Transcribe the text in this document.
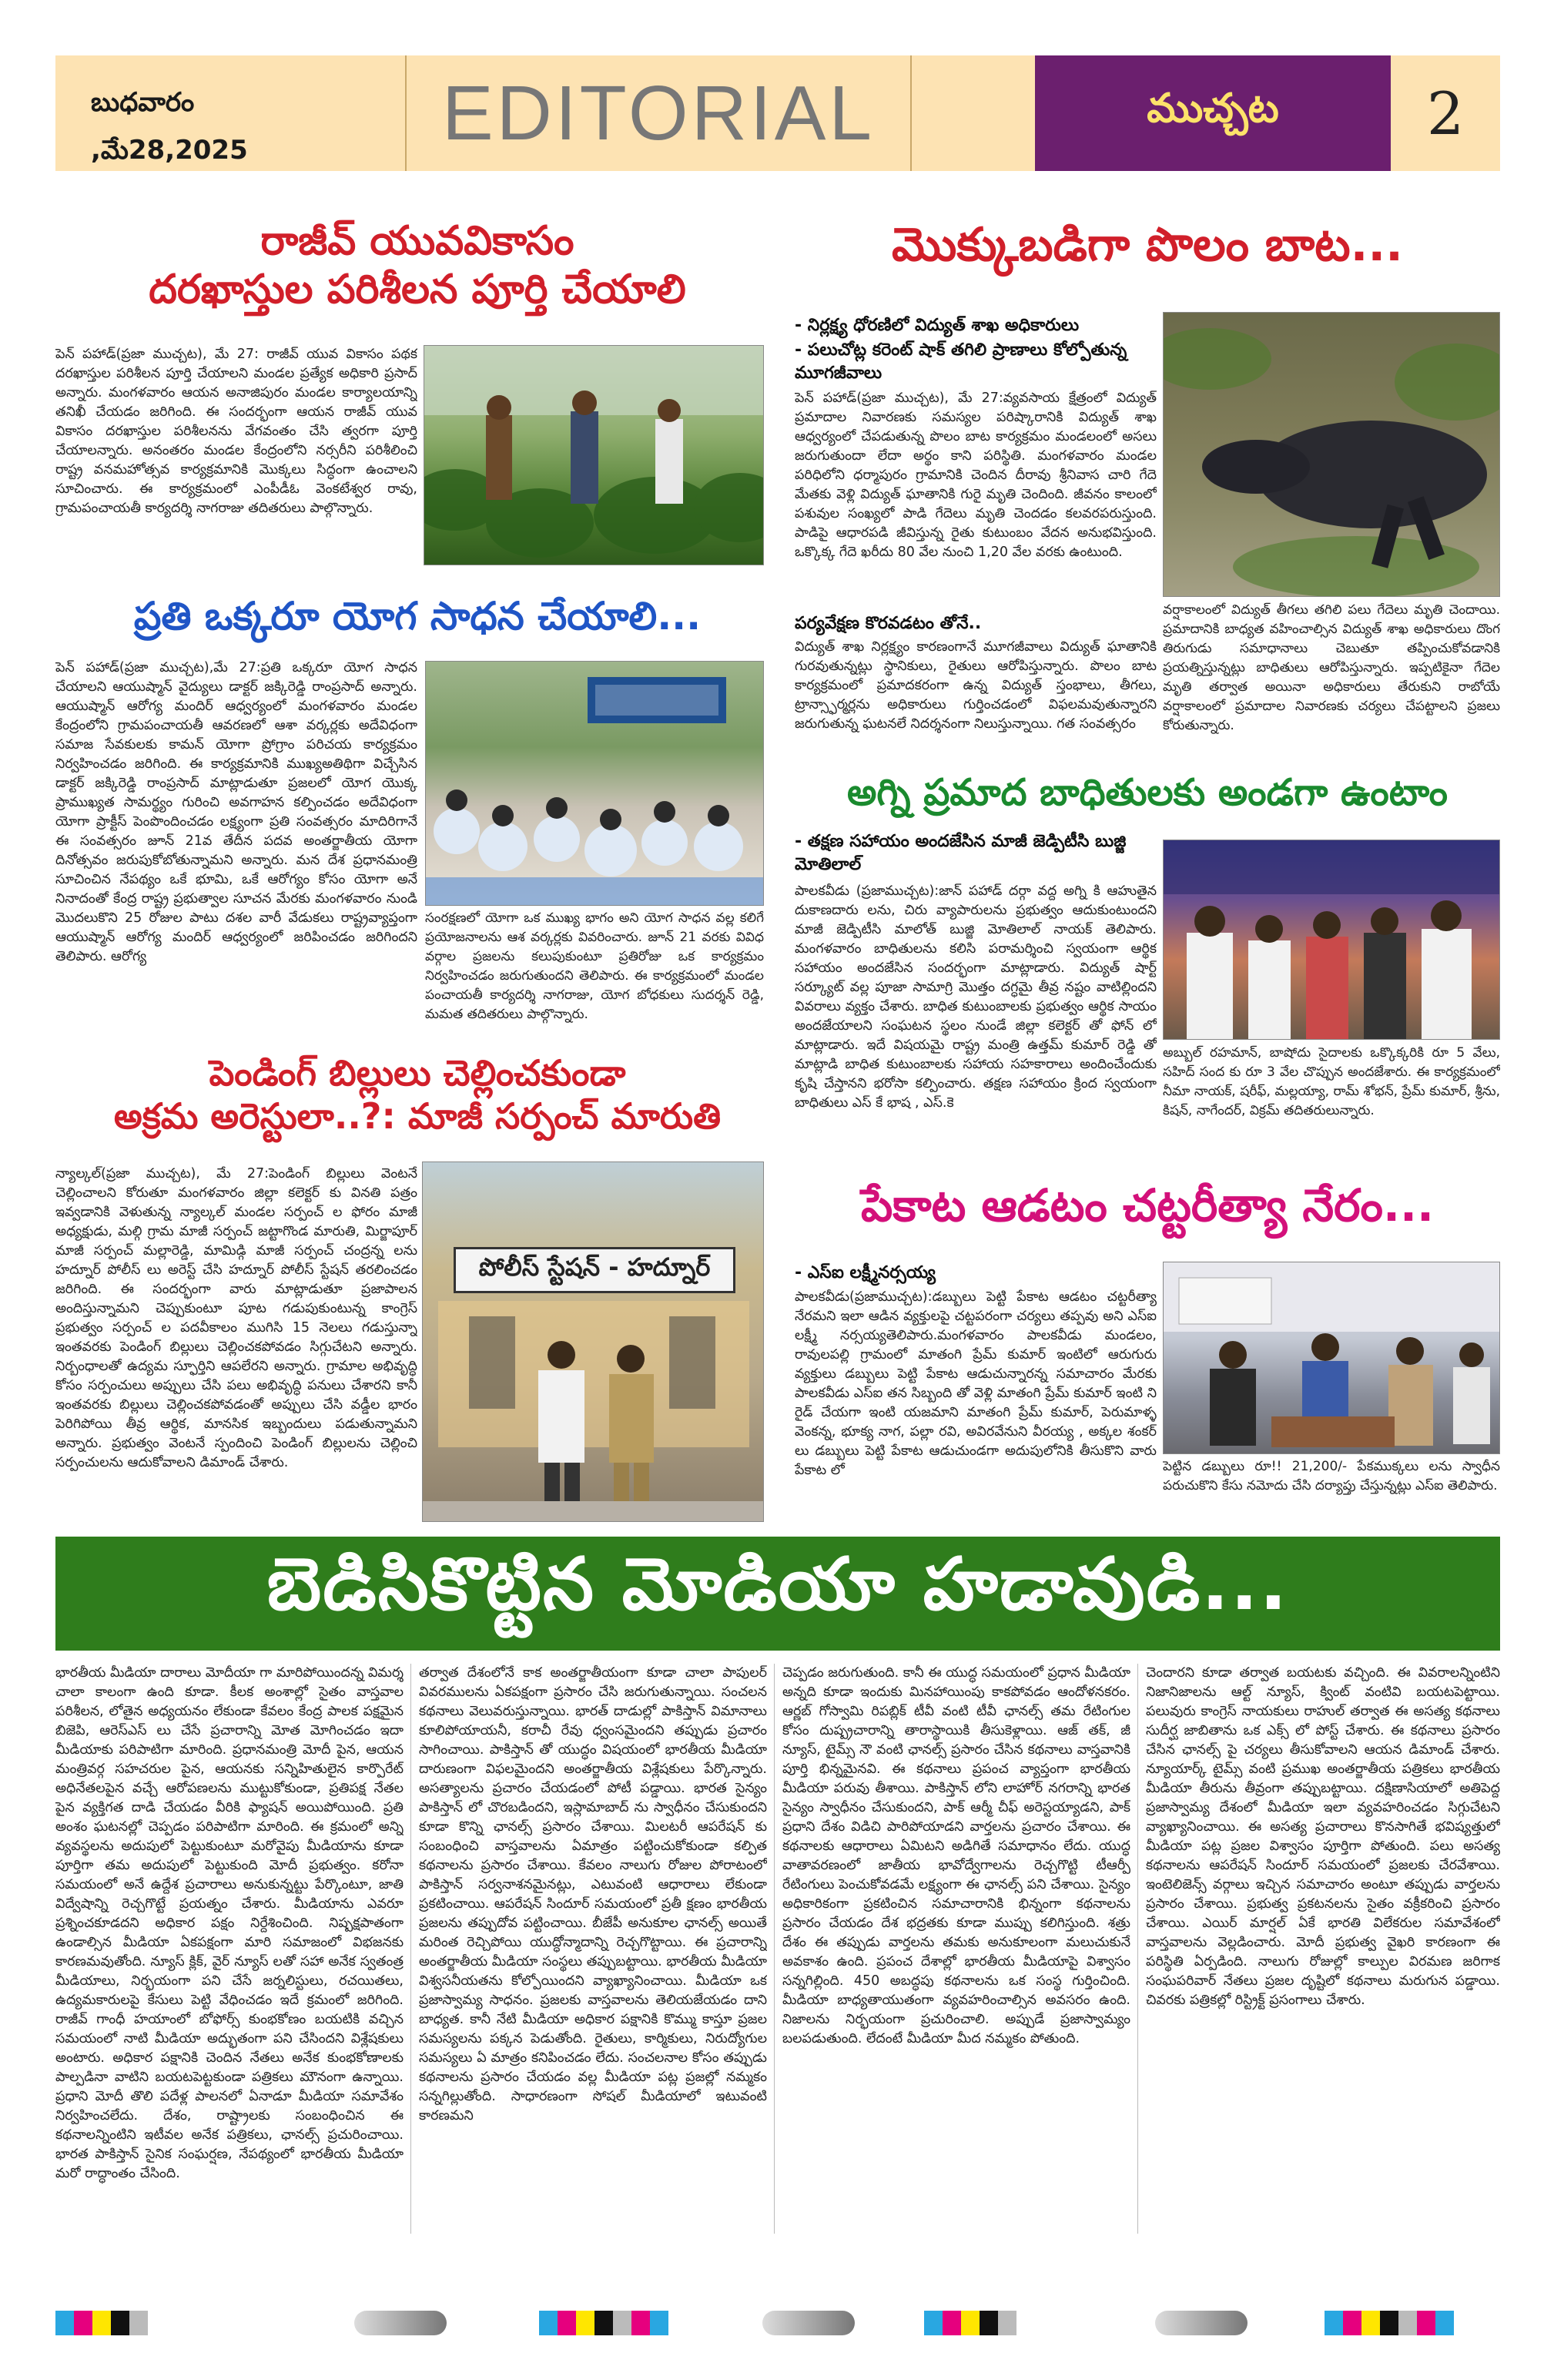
బుధవారం
,మే28,2025	EDITORIAL	ముచ్చట	2
రాజీవ్ యువవికాసం
దరఖాస్తుల పరిశీలన పూర్తి చేయాలి
పెన్ పహాడ్(ప్రజా ముచ్చట), మే 27: రాజీవ్ యువ వికాసం పథక దరఖాస్తుల పరిశీలన పూర్తి చేయాలని మండల ప్రత్యేక అధికారి ప్రసాద్ అన్నారు. మంగళవారం ఆయన అనాజిపురం మండల కార్యాలయాన్ని తనిఖీ చేయడం జరిగింది. ఈ సందర్భంగా ఆయన రాజీవ్ యువ వికాసం దరఖాస్తుల పరిశీలనను వేగవంతం చేసి త్వరగా పూర్తి చేయాలన్నారు. అనంతరం మండల కేంద్రంలోని నర్సరీని పరిశీలించి రాష్ట్ర వనమహోత్సవ కార్యక్రమానికి మొక్కలు సిద్ధంగా ఉంచాలని సూచించారు. ఈ కార్యక్రమంలో ఎంపీడీఓ వెంకటేశ్వర రావు, గ్రామపంచాయతీ కార్యదర్శి నాగరాజు తదితరులు పాల్గొన్నారు.
ప్రతి ఒక్కరూ యోగ సాధన చేయాలి...
పెన్ పహాడ్(ప్రజా ముచ్చట),మే 27:ప్రతి ఒక్కరూ యోగ సాధన చేయాలని ఆయుష్మాన్ వైద్యులు డాక్టర్ జక్కిరెడ్డి రాంప్రసాద్ అన్నారు. ఆయుష్మాన్ ఆరోగ్య మందిర్ ఆధ్వర్యంలో మంగళవారం మండల కేంద్రంలోని గ్రామపంచాయతీ ఆవరణలో ఆశా వర్కర్లకు అదేవిధంగా సమాజ సేవకులకు కామన్ యోగా ప్రోగ్రాం పరిచయ కార్యక్రమం నిర్వహించడం జరిగింది. ఈ కార్యక్రమానికి ముఖ్యఅతిథిగా విచ్చేసిన డాక్టర్ జక్కిరెడ్డి రాంప్రసాద్ మాట్లాడుతూ ప్రజలలో యోగ యొక్క ప్రాముఖ్యత సామర్థ్యం గురించి అవగాహన కల్పించడం అదేవిధంగా యోగా ప్రాక్టీస్ పెంపొందించడం లక్ష్యంగా ప్రతి సంవత్సరం మాదిరిగానే ఈ సంవత్సరం జూన్ 21వ తేదీన పదవ అంతర్జాతీయ యోగా దినోత్సవం జరుపుకోబోతున్నామని అన్నారు. మన దేశ ప్రధానమంత్రి సూచించిన నేపథ్యం ఒకే భూమి, ఒకే ఆరోగ్యం కోసం యోగా అనే నినాదంతో కేంద్ర రాష్ట్ర ప్రభుత్వాల సూచన మేరకు మంగళవారం నుండి మొదలుకొని 25 రోజుల పాటు దశల వారీ వేడుకలు రాష్ట్రవ్యాప్తంగా ఆయుష్మాన్ ఆరోగ్య మందిర్ ఆధ్వర్యంలో జరిపించడం జరిగిందని తెలిపారు. ఆరోగ్య
సంరక్షణలో యోగా ఒక ముఖ్య భాగం అని యోగ సాధన వల్ల కలిగే ప్రయోజనాలను ఆశ వర్కర్లకు వివరించారు. జూన్ 21 వరకు వివిధ వర్గాల ప్రజలను కలుపుకుంటూ ప్రతిరోజు ఒక కార్యక్రమం నిర్వహించడం జరుగుతుందని తెలిపారు. ఈ కార్యక్రమంలో మండల పంచాయతీ కార్యదర్శి నాగరాజు, యోగ బోధకులు సుదర్శన్ రెడ్డి, మమత తదితరులు పాల్గొన్నారు.
పెండింగ్ బిల్లులు చెల్లించకుండా
అక్రమ అరెస్టులా..?: మాజీ సర్పంచ్ మారుతి
న్యాల్కల్(ప్రజా ముచ్చట), మే 27:పెండింగ్ బిల్లులు వెంటనే చెల్లించాలని కోరుతూ మంగళవారం జిల్లా కలెక్టర్ కు వినతి పత్రం ఇవ్వడానికి వెళుతున్న న్యాల్కల్ మండల సర్పంచ్ ల ఫోరం మాజీ అధ్యక్షుడు, మల్గి గ్రామ మాజీ సర్పంచ్ జట్టాగొండ మారుతి, మిర్జాపూర్ మాజీ సర్పంచ్ మల్లారెడ్డి, మామిడ్గి మాజీ సర్పంచ్ చంద్రన్న లను హద్నూర్ పోలీస్ లు అరెస్ట్ చేసి హద్నూర్ పోలీస్ స్టేషన్ తరలించడం జరిగింది. ఈ సందర్భంగా వారు మాట్లాడుతూ ప్రజాపాలన అందిస్తున్నామని చెప్పుకుంటూ పూట గడుపుకుంటున్న కాంగ్రెస్ ప్రభుత్వం సర్పంచ్ ల పదవీకాలం ముగిసి 15 నెలలు గడుస్తున్నా ఇంతవరకు పెండింగ్ బిల్లులు చెల్లించకపోవడం సిగ్గుచేటని అన్నారు. నిర్బంధాలతో ఉద్యమ స్ఫూర్తిని ఆపలేరని అన్నారు. గ్రామాల అభివృద్ధి కోసం సర్పంచులు అప్పులు చేసి పలు అభివృద్ధి పనులు చేశారని కానీ ఇంతవరకు బిల్లులు చెల్లించకపోవడంతో అప్పులు చేసి వడ్డీల భారం పెరిగిపోయి తీవ్ర ఆర్థిక, మానసిక ఇబ్బందులు పడుతున్నామని అన్నారు. ప్రభుత్వం వెంటనే స్పందించి పెండింగ్ బిల్లులను చెల్లించి సర్పంచులను ఆదుకోవాలని డిమాండ్ చేశారు.
పోలీస్ స్టేషన్ - హద్నూర్
మొక్కుబడిగా పొలం బాట...
- నిర్లక్ష్య ధోరణిలో విద్యుత్ శాఖ అధికారులు
- పలుచోట్ల కరెంట్ షాక్ తగిలి ప్రాణాలు కోల్పోతున్న మూగజీవాలు
పెన్ పహాడ్(ప్రజా ముచ్చట), మే 27:వ్యవసాయ క్షేత్రంలో విద్యుత్ ప్రమాదాల నివారణకు సమస్యల పరిష్కారానికి విద్యుత్ శాఖ ఆధ్వర్యంలో చేపడుతున్న పొలం బాట కార్యక్రమం మండలంలో అసలు జరుగుతుందా లేదా అర్థం కాని పరిస్థితి. మంగళవారం మండల పరిధిలోని ధర్మాపురం గ్రామానికి చెందిన దీరావు శ్రీనివాస చారి గేదె మేతకు వెళ్లి విద్యుత్ ఘాతానికి గురై మృతి చెందింది. జీవనం కాలంలో పశువుల సంఖ్యలో పాడి గేదెలు మృతి చెందడం కలవరపరుస్తుంది. పాడిపై ఆధారపడి జీవిస్తున్న రైతు కుటుంబం వేదన అనుభవిస్తుంది. ఒక్కొక్క గేదె ఖరీదు 80 వేల నుంచి 1,20 వేల వరకు ఉంటుంది.
పర్యవేక్షణ కొరవడటం తోనే..
విద్యుత్ శాఖ నిర్లక్ష్యం కారణంగానే మూగజీవాలు విద్యుత్ ఘాతానికి గురవుతున్నట్లు స్థానికులు, రైతులు ఆరోపిస్తున్నారు. పొలం బాట కార్యక్రమంలో ప్రమాదకరంగా ఉన్న విద్యుత్ స్తంభాలు, తీగలు, ట్రాన్స్ఫార్మర్లను అధికారులు గుర్తించడంలో విఫలమవుతున్నారని జరుగుతున్న ఘటనలే నిదర్శనంగా నిలుస్తున్నాయి. గత సంవత్సరం
వర్షాకాలంలో విద్యుత్ తీగలు తగిలి పలు గేదెలు మృతి చెందాయి. ప్రమాదానికి బాధ్యత వహించాల్సిన విద్యుత్ శాఖ అధికారులు దొంగ తిరుగుడు సమాధానాలు చెబుతూ తప్పించుకోవడానికి ప్రయత్నిస్తున్నట్లు బాధితులు ఆరోపిస్తున్నారు. ఇప్పటికైనా గేదెల మృతి తర్వాత అయినా అధికారులు తేరుకుని రాబోయే వర్షాకాలంలో ప్రమాదాల నివారణకు చర్యలు చేపట్టాలని ప్రజలు కోరుతున్నారు.
అగ్ని ప్రమాద బాధితులకు అండగా ఉంటాం
- తక్షణ సహాయం అందజేసిన మాజీ జెడ్పిటీసి బుజ్జి మోతిలాల్
పాలకవీడు (ప్రజాముచ్చట):జాన్ పహాడ్ దర్గా వద్ద అగ్ని కి ఆహుతైన దుకాణదారు లను, చిరు వ్యాపారులను ప్రభుత్వం ఆదుకుంటుందని మాజీ జెడ్పిటీసి మాలోత్ బుజ్జి మోతిలాల్ నాయక్ తెలిపారు. మంగళవారం బాధితులను కలిసి పరామర్శించి స్వయంగా ఆర్థిక సహాయం అందజేసిన సందర్భంగా మాట్లాడారు. విద్యుత్ షార్ట్ సర్క్యూట్ వల్ల పూజా సామాగ్రి మొత్తం దగ్ధమై తీవ్ర నష్టం వాటిల్లిందని వివరాలు వ్యక్తం చేశారు. బాధిత కుటుంబాలకు ప్రభుత్వం ఆర్థిక సాయం అందజేయాలని సంఘటన స్థలం నుండే జిల్లా కలెక్టర్ తో ఫోన్ లో మాట్లాడారు. ఇదే విషయమై రాష్ట్ర మంత్రి ఉత్తమ్ కుమార్ రెడ్డి తో మాట్లాడి బాధిత కుటుంబాలకు సహాయ సహకారాలు అందించేందుకు కృషి చేస్తానని భరోసా కల్పించారు. తక్షణ సహాయం క్రింద స్వయంగా బాధితులు ఎస్ కే భాష , ఎస్.కె
అబ్బుల్ రహమాన్, బాషోదు సైదాలకు ఒక్కొక్కరికి రూ 5 వేలు, సహిద్ సంద కు రూ 3 వేల చొప్పున అందజేశారు. ఈ కార్యక్రమంలో నీమా నాయక్, షరీఫ్, మల్లయ్యా, రామ్ శోభన్, ప్రేమ్ కుమార్, శ్రీను, కిషన్, నాగేందర్, విక్రమ్ తదితరులున్నారు.
పేకాట ఆడటం చట్టరీత్యా నేరం...
- ఎస్ఐ లక్ష్మీనర్సయ్య
పాలకవీడు(ప్రజాముచ్చట):డబ్బులు పెట్టి పేకాట ఆడటం చట్టరీత్యా నేరమని ఇలా ఆడిన వ్యక్తులపై చట్టపరంగా చర్యలు తప్పవు అని ఎస్ఐ లక్ష్మీ నర్సయ్యతెలిపారు.మంగళవారం పాలకవీడు మండలం, రావులపల్లి గ్రామంలో మాతంగి ప్రేమ్ కుమార్ ఇంటిలో ఆరుగురు వ్యక్తులు డబ్బులు పెట్టి పేకాట ఆడుచున్నారన్న సమాచారం మేరకు పాలకవీడు ఎస్ఐ తన సిబ్బంది తో వెళ్లి మాతంగి ప్రేమ్ కుమార్ ఇంటి ని రైడ్ చేయగా ఇంటి యజమాని మాతంగి ప్రేమ్ కుమార్, పెరుమాళ్ళ వెంకన్న, భూక్య నాగ, పల్లా రవి, అవిరవేనుని వీరయ్య , అక్కల శంకర్ లు డబ్బులు పెట్టి పేకాట ఆడుచుండగా అదుపులోనికి తీసుకొని వారు పేకాట లో	పెట్టిన డబ్బులు రూ!! 21,200/- పేకముక్కలు లను స్వాధీన పరుచుకొని కేసు నమోదు చేసి దర్యాప్తు చేస్తున్నట్లు ఎస్ఐ తెలిపారు.
బెడిసికొట్టిన మోడియా హడావుడి...
భారతీయ మీడియా దారాలు మోదీయా గా మారిపోయిందన్న విమర్శ చాలా కాలంగా ఉంది కూడా. కీలక అంశాల్లో సైతం వాస్తవాల పరిశీలన, లోతైన అధ్యయనం లేకుండా కేవలం కేంద్ర పాలక పక్షమైన బిజెపి, ఆరెస్ఎస్ లు చేసే ప్రచారాన్ని మోత మోగించడం ఇదా మీడియాకు పరిపాటిగా మారింది. ప్రధానమంత్రి మోదీ పైన, ఆయన మంత్రివర్గ సహచరుల పైన, ఆయనకు సన్నిహితులైన కార్పొరేట్ అధినేతలపైన వచ్చే ఆరోపణలను ముట్టుకోకుండా, ప్రతిపక్ష నేతల పైన వ్యక్తిగత దాడి చేయడం వీరికి ఫ్యాషన్ అయిపోయింది. ప్రతి అంశం ఘటనల్లో చెప్పడం పరిపాటిగా మారింది. ఈ క్రమంలో అన్ని వ్యవస్థలను అదుపులో పెట్టుకుంటూ మరోవైపు మీడియాను కూడా పూర్తిగా తమ అదుపులో పెట్టుకుంది మోదీ ప్రభుత్వం. కరోనా సమయంలో అనే ఉద్దేశ ప్రచారాలు అనుకున్నట్టు పేర్కొంటూ, జాతి విద్వేషాన్ని రెచ్చగొట్టే ప్రయత్నం చేశారు. మీడియాను ఎవరూ ప్రశ్నించకూడదని అధికార పక్షం నిర్దేశించింది. నిష్పక్షపాతంగా ఉండాల్సిన మీడియా ఏకపక్షంగా మారి సమాజంలో విభజనకు కారణమవుతోంది. న్యూస్ క్లిక్, వైర్ న్యూస్ లతో సహా అనేక స్వతంత్ర మీడియాలు, నిర్భయంగా పని చేసే జర్నలిస్టులు, రచయితలు, ఉద్యమకారులపై కేసులు పెట్టి వేధించడం ఇదే క్రమంలో జరిగింది. రాజీవ్ గాంధీ హయాంలో బోఫోర్స్ కుంభకోణం బయటికి వచ్చిన సమయంలో నాటి మీడియా అద్భుతంగా పని చేసిందని విశ్లేషకులు అంటారు. అధికార పక్షానికి చెందిన నేతలు అనేక కుంభకోణాలకు పాల్పడినా వాటిని బయటపెట్టకుండా పత్రికలు మౌనంగా ఉన్నాయి. ప్రధాని మోదీ తొలి పదేళ్ల పాలనలో ఏనాడూ మీడియా సమావేశం నిర్వహించలేదు. దేశం, రాష్ట్రాలకు సంబంధించిన ఈ కథనాలన్నింటిని ఇటీవల అనేక పత్రికలు, ఛానల్స్ ప్రచురించాయి. భారత పాకిస్తాన్ సైనిక సంఘర్షణ, నేపథ్యంలో భారతీయ మీడియా మరో రాద్ధాంతం చేసింది.
తర్వాత దేశంలోనే కాక అంతర్జాతీయంగా కూడా చాలా పాపులర్ వివరములను ఏకపక్షంగా ప్రసారం చేసి జరుగుతున్నాయి. సంచలన కథనాలు వెలువరుస్తున్నాయి. భారత్ దాడుల్లో పాకిస్తాన్ విమానాలు కూలిపోయాయనీ, కరాచీ రేవు ధ్వంసమైందని తప్పుడు ప్రచారం సాగించాయి. పాకిస్తాన్ తో యుద్ధం విషయంలో భారతీయ మీడియా దారుణంగా విఫలమైందని అంతర్జాతీయ విశ్లేషకులు పేర్కొన్నారు. అసత్యాలను ప్రచారం చేయడంలో పోటీ పడ్డాయి. భారత సైన్యం పాకిస్తాన్ లో చొరబడిందని, ఇస్లామాబాద్ ను స్వాధీనం చేసుకుందని కూడా కొన్ని ఛానల్స్ ప్రసారం చేశాయి. మిలటరీ ఆపరేషన్ కు సంబంధించి వాస్తవాలను ఏమాత్రం పట్టించుకోకుండా కల్పిత కథనాలను ప్రసారం చేశాయి. కేవలం నాలుగు రోజుల పోరాటంలో పాకిస్తాన్ సర్వనాశనమైనట్లు, ఎటువంటి ఆధారాలు లేకుండా ప్రకటించాయి. ఆపరేషన్ సిందూర్ సమయంలో ప్రతీ క్షణం భారతీయ ప్రజలను తప్పుదోవ పట్టించాయి. బీజేపీ అనుకూల ఛానల్స్ అయితే మరింత రెచ్చిపోయి యుద్ధోన్మాదాన్ని రెచ్చగొట్టాయి. ఈ ప్రచారాన్ని అంతర్జాతీయ మీడియా సంస్థలు తప్పుబట్టాయి. భారతీయ మీడియా విశ్వసనీయతను కోల్పోయిందని వ్యాఖ్యానించాయి. మీడియా ఒక ప్రజాస్వామ్య సాధనం. ప్రజలకు వాస్తవాలను తెలియజేయడం దాని బాధ్యత. కానీ నేటి మీడియా అధికార పక్షానికి కొమ్ము కాస్తూ ప్రజల సమస్యలను పక్కన పెడుతోంది. రైతులు, కార్మికులు, నిరుద్యోగుల సమస్యలు ఏ మాత్రం కనిపించడం లేదు. సంచలనాల కోసం తప్పుడు కథనాలను ప్రసారం చేయడం వల్ల మీడియా పట్ల ప్రజల్లో నమ్మకం సన్నగిల్లుతోంది. సాధారణంగా సోషల్ మీడియాలో ఇటువంటి కారణమని
చెప్పడం జరుగుతుంది. కానీ ఈ యుద్ధ సమయంలో ప్రధాన మీడియా అన్నది కూడా ఇందుకు మినహాయింపు కాకపోవడం ఆందోళనకరం. ఆర్ణబ్ గోస్వామి రిపబ్లిక్ టీవీ వంటి టీవీ ఛానల్స్ తమ రేటింగుల కోసం దుష్ప్రచారాన్ని తారాస్థాయికి తీసుకెళ్లాయి. ఆజ్ తక్, జీ న్యూస్, టైమ్స్ నౌ వంటి ఛానల్స్ ప్రసారం చేసిన కథనాలు వాస్తవానికి పూర్తి భిన్నమైనవి. ఈ కథనాలు ప్రపంచ వ్యాప్తంగా భారతీయ మీడియా పరువు తీశాయి. పాకిస్తాన్ లోని లాహోర్ నగరాన్ని భారత సైన్యం స్వాధీనం చేసుకుందని, పాక్ ఆర్మీ చీఫ్ అరెస్టయ్యాడని, పాక్ ప్రధాని దేశం విడిచి పారిపోయాడని వార్తలను ప్రచారం చేశాయి. ఈ కథనాలకు ఆధారాలు ఏమిటని అడిగితే సమాధానం లేదు. యుద్ధ వాతావరణంలో జాతీయ భావోద్వేగాలను రెచ్చగొట్టి టీఆర్పీ రేటింగులు పెంచుకోవడమే లక్ష్యంగా ఈ ఛానల్స్ పని చేశాయి. సైన్యం అధికారికంగా ప్రకటించిన సమాచారానికి భిన్నంగా కథనాలను ప్రసారం చేయడం దేశ భద్రతకు కూడా ముప్పు కలిగిస్తుంది. శత్రు దేశం ఈ తప్పుడు వార్తలను తమకు అనుకూలంగా మలుచుకునే అవకాశం ఉంది. ప్రపంచ దేశాల్లో భారతీయ మీడియాపై విశ్వాసం సన్నగిల్లింది. 450 అబద్ధపు కథనాలను ఒక సంస్థ గుర్తించింది. మీడియా బాధ్యతాయుతంగా వ్యవహరించాల్సిన అవసరం ఉంది. నిజాలను నిర్భయంగా ప్రచురించాలి. అప్పుడే ప్రజాస్వామ్యం బలపడుతుంది. లేదంటే మీడియా మీద నమ్మకం పోతుంది.
చెందారని కూడా తర్వాత బయటకు వచ్చింది. ఈ వివరాలన్నింటిని నిజానిజాలను ఆల్ట్ న్యూస్, క్వింట్ వంటివి బయటపెట్టాయి. పలువురు కాంగ్రెస్ నాయకులు రాహుల్ తర్వాత ఈ అసత్య కథనాలు సుదీర్ఘ జాబితాను ఒక ఎక్స్ లో పోస్ట్ చేశారు. ఈ కథనాలు ప్రసారం చేసిన ఛానల్స్ పై చర్యలు తీసుకోవాలని ఆయన డిమాండ్ చేశారు. న్యూయార్క్ టైమ్స్ వంటి ప్రముఖ అంతర్జాతీయ పత్రికలు భారతీయ మీడియా తీరును తీవ్రంగా తప్పుబట్టాయి. దక్షిణాసియాలో అతిపెద్ద ప్రజాస్వామ్య దేశంలో మీడియా ఇలా వ్యవహరించడం సిగ్గుచేటని వ్యాఖ్యానించాయి. ఈ అసత్య ప్రచారాలు కొనసాగితే భవిష్యత్తులో మీడియా పట్ల ప్రజల విశ్వాసం పూర్తిగా పోతుంది. పలు అసత్య కథనాలను ఆపరేషన్ సిందూర్ సమయంలో ప్రజలకు చేరవేశాయి. ఇంటెలిజెన్స్ వర్గాలు ఇచ్చిన సమాచారం అంటూ తప్పుడు వార్తలను ప్రసారం చేశాయి. ప్రభుత్వ ప్రకటనలను సైతం వక్రీకరించి ప్రసారం చేశాయి. ఎయిర్ మార్షల్ ఏకే భారతి విలేకరుల సమావేశంలో వాస్తవాలను వెల్లడించారు. మోదీ ప్రభుత్వ వైఖరి కారణంగా ఈ పరిస్థితి ఏర్పడింది. నాలుగు రోజుల్లో కాల్పుల విరమణ జరిగాక సంఘపరివార్ నేతలు ప్రజల దృష్టిలో కథనాలు మరుగున పడ్డాయి. చివరకు పత్రికల్లో రిస్ట్రిక్ట్ ప్రసంగాలు చేశారు.
